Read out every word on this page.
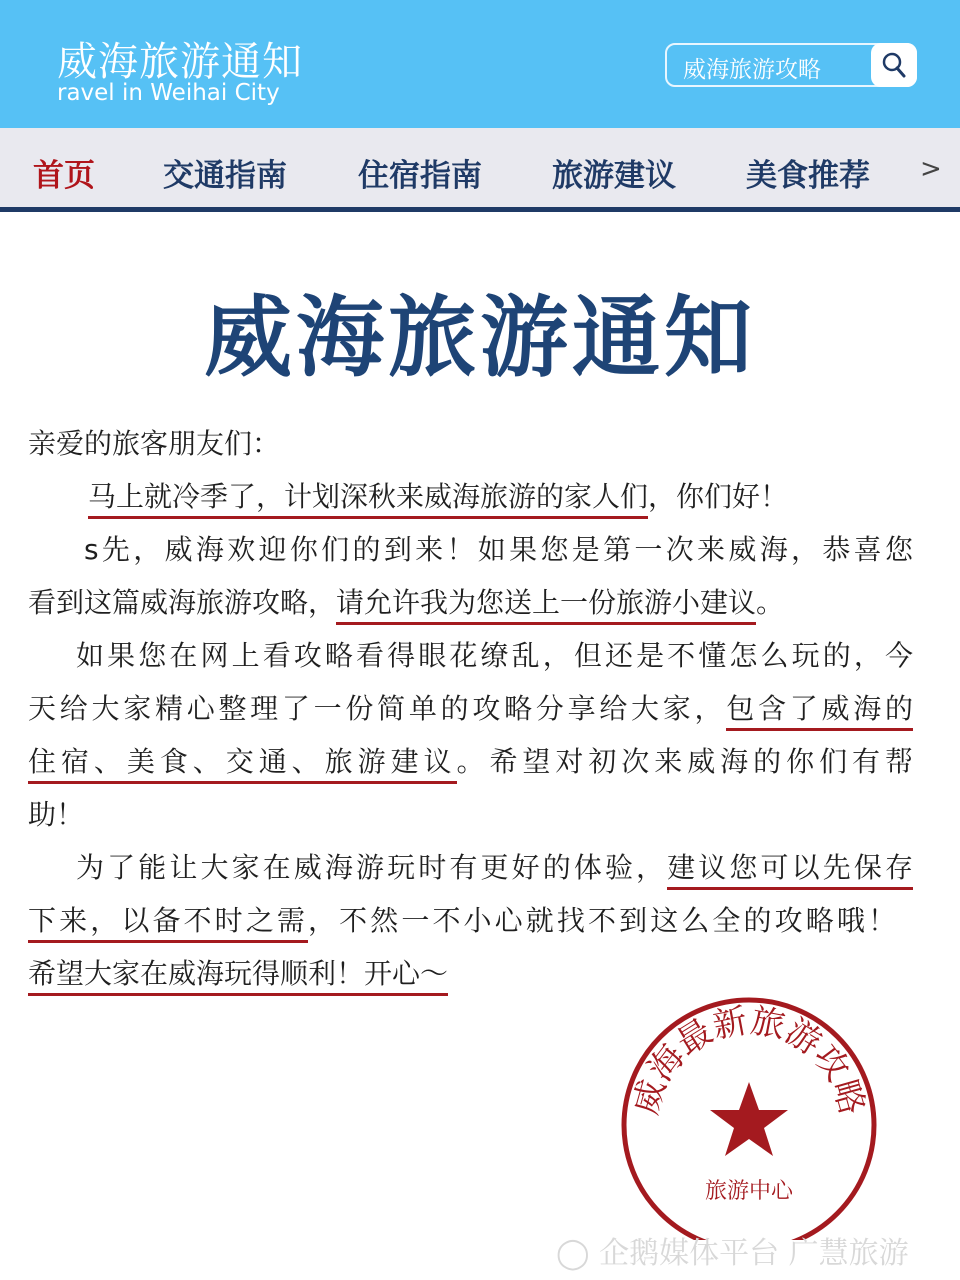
威海旅游通知
ravel in Weihai City
威海旅游攻略
首页 交通指南 住宿指南 旅游建议 美食推荐 >
威海旅游通知
亲爱的旅客朋友们：
马上就冷季了，计划深秋来威海旅游的家人们，你们好！
s先，威海欢迎你们的到来！如果您是第一次来威海，恭喜您
看到这篇威海旅游攻略，请允许我为您送上一份旅游小建议。
如果您在网上看攻略看得眼花缭乱，但还是不懂怎么玩的，今
天给大家精心整理了一份简单的攻略分享给大家，包含了威海的
住宿、美食、交通、旅游建议。希望对初次来威海的你们有帮
助！
为了能让大家在威海游玩时有更好的体验，建议您可以先保存
下来，以备不时之需，不然一不小心就找不到这么全的攻略哦！
希望大家在威海玩得顺利！开心～
威海最新旅游攻略
旅游中心
◯ 企鹅媒体平台 广慧旅游
